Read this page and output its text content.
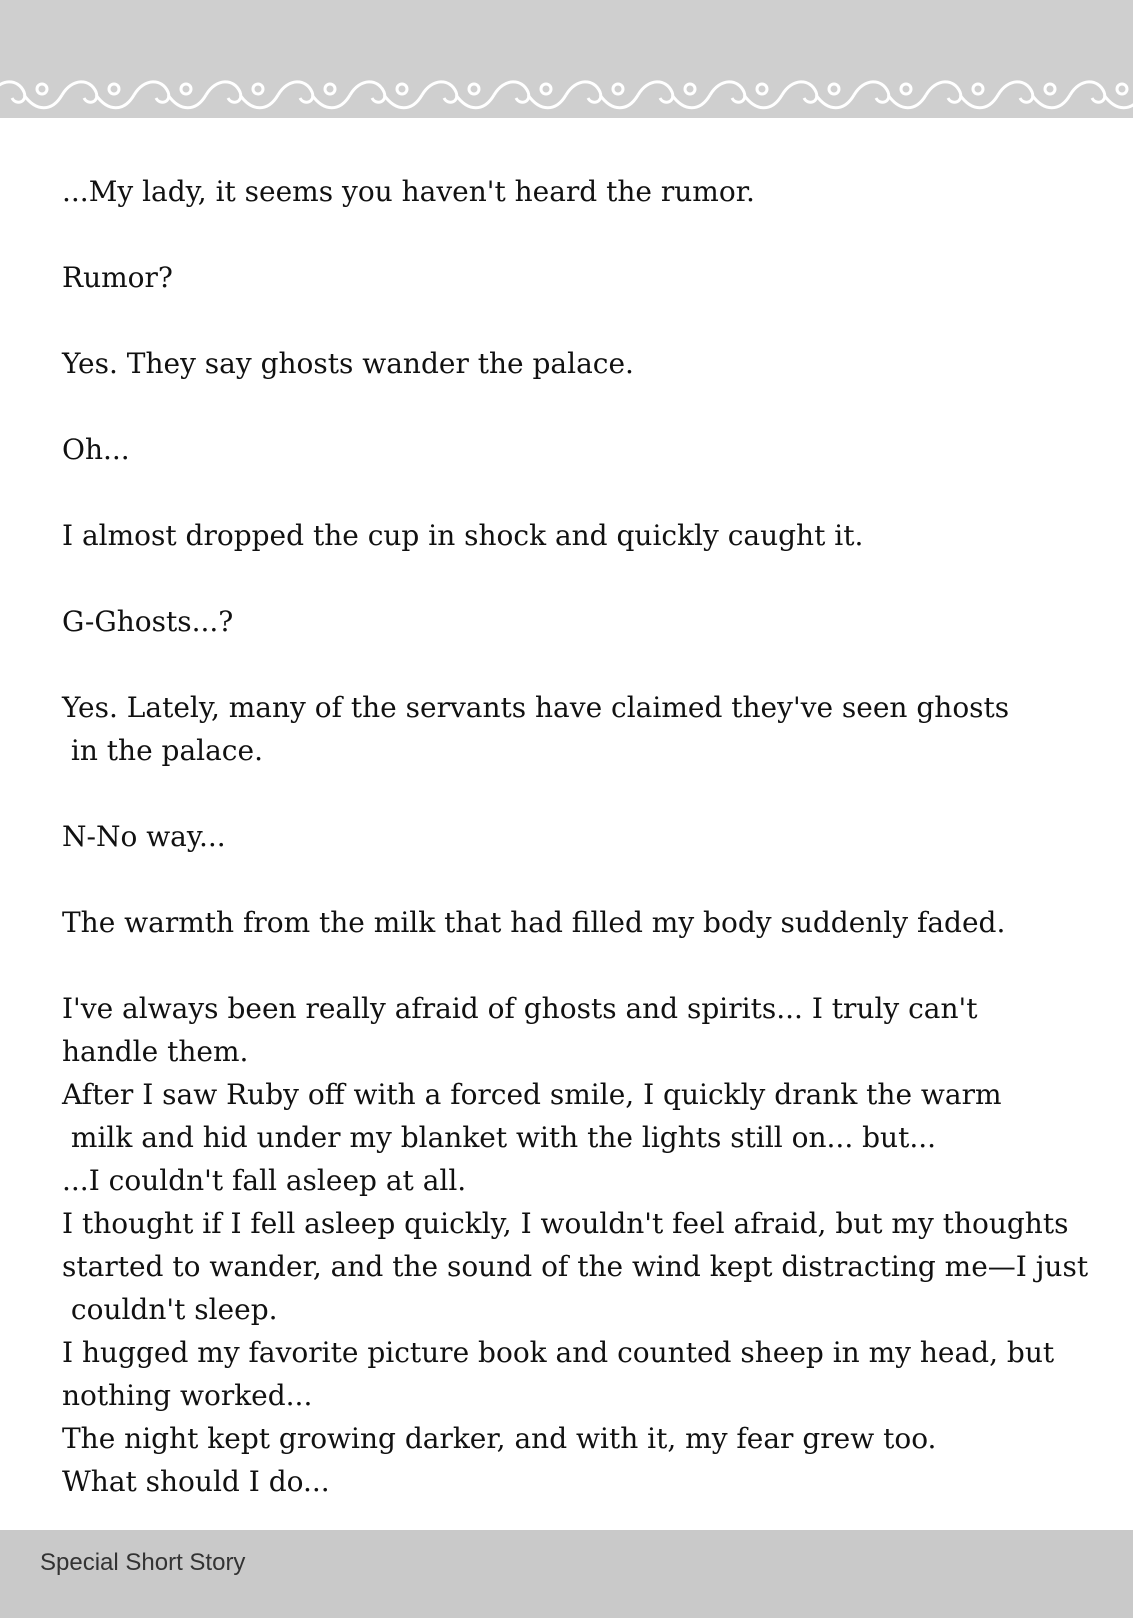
...My lady, it seems you haven't heard the rumor.
Rumor?
Yes. They say ghosts wander the palace.
Oh...
I almost dropped the cup in shock and quickly caught it.
G-Ghosts...?
Yes. Lately, many of the servants have claimed they've seen ghosts
in the palace.
N-No way...
The warmth from the milk that had filled my body suddenly faded.
I've always been really afraid of ghosts and spirits... I truly can't
handle them.
After I saw Ruby off with a forced smile, I quickly drank the warm
milk and hid under my blanket with the lights still on... but...
...I couldn't fall asleep at all.
I thought if I fell asleep quickly, I wouldn't feel afraid, but my thoughts
started to wander, and the sound of the wind kept distracting me—I just
couldn't sleep.
I hugged my favorite picture book and counted sheep in my head, but
nothing worked...
The night kept growing darker, and with it, my fear grew too.
What should I do...
Special Short Story
